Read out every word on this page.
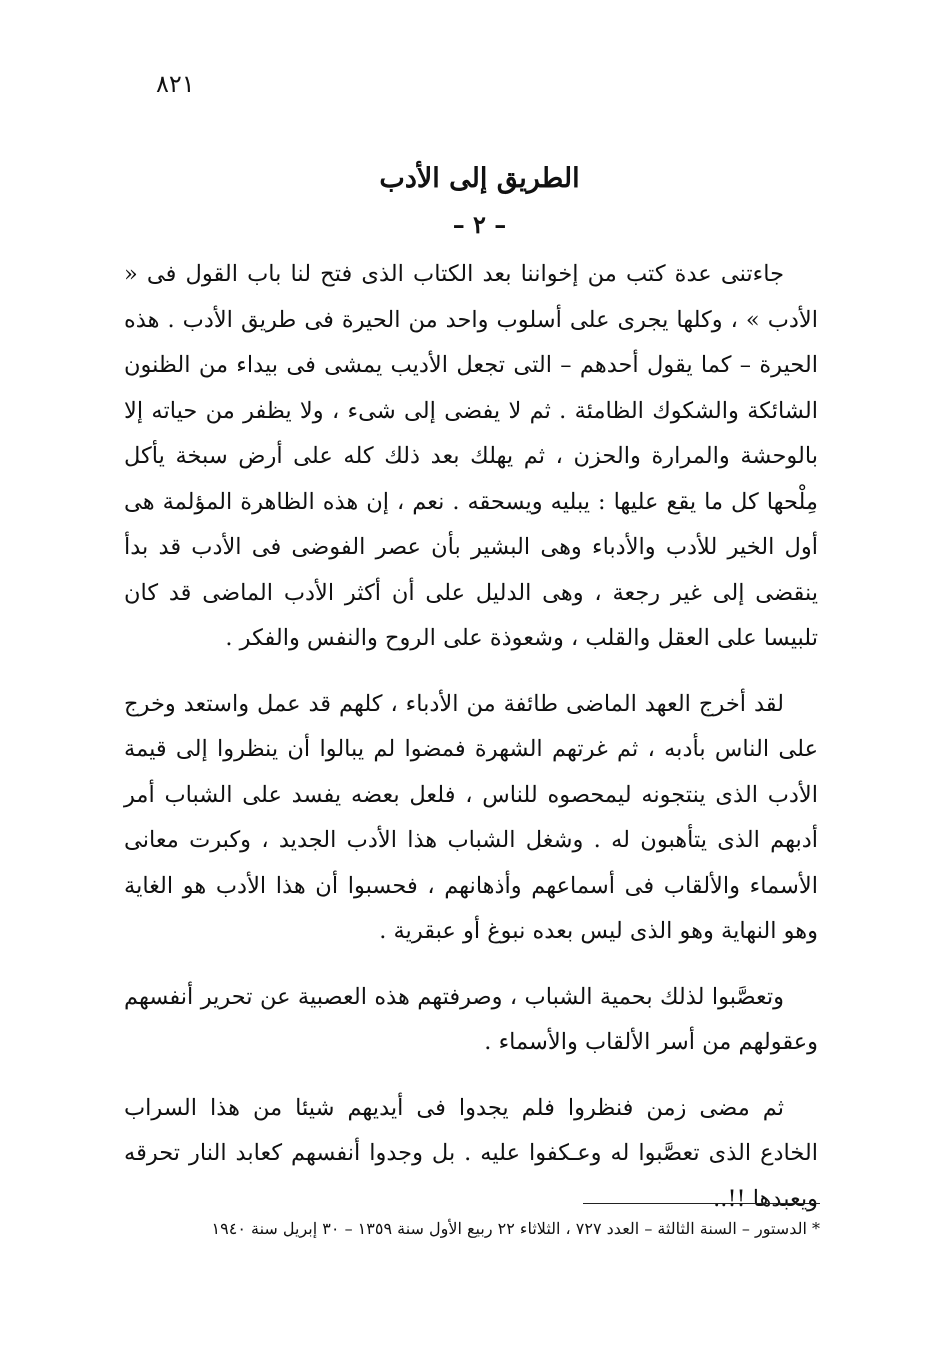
٨٢١
الطريق إلى الأدب
– ٢ –

جاءتنى عدة كتب من إخواننا بعد الكتاب الذى فتح لنا باب القول فى « الأدب » ، وكلها يجرى على أسلوب واحد من الحيرة فى طريق الأدب . هذه الحيرة – كما يقول أحدهم – التى تجعل الأديب يمشى فى بيداء من الظنون الشائكة والشكوك الظامئة . ثم لا يفضى إلى شىء ، ولا يظفر من حياته إلا بالوحشة والمرارة والحزن ، ثم يهلك بعد ذلك كله على أرض سبخة يأكل مِلْحها كل ما يقع عليها : يبليه ويسحقه . نعم ، إن هذه الظاهرة المؤلمة هى أول الخير للأدب والأدباء وهى البشير بأن عصر الفوضى فى الأدب قد بدأ ينقضى إلى غير رجعة ، وهى الدليل على أن أكثر الأدب الماضى قد كان تلبيسا على العقل والقلب ، وشعوذة على الروح والنفس والفكر .

لقد أخرج العهد الماضى طائفة من الأدباء ، كلهم قد عمل واستعد وخرج على الناس بأدبه ، ثم غرتهم الشهرة فمضوا لم يبالوا أن ينظروا إلى قيمة الأدب الذى ينتجونه ليمحصوه للناس ، فلعل بعضه يفسد على الشباب أمر أدبهم الذى يتأهبون له . وشغل الشباب هذا الأدب الجديد ، وكبرت معانى الأسماء والألقاب فى أسماعهم وأذهانهم ، فحسبوا أن هذا الأدب هو الغاية وهو النهاية وهو الذى ليس بعده نبوغ أو عبقرية .

وتعصَّبوا لذلك بحمية الشباب ، وصرفتهم هذه العصبية عن تحرير أنفسهم وعقولهم من أسر الألقاب والأسماء .

ثم مضى زمن فنظروا فلم يجدوا فى أيديهم شيئا من هذا السراب الخادع الذى تعصَّبوا له وعـكفوا عليه . بل وجدوا أنفسهم كعابد النار تحرقه ويعبدها !!..

* الدستور – السنة الثالثة – العدد ٧٢٧ ، الثلاثاء ٢٢ ربيع الأول سنة ١٣٥٩ – ٣٠ إبريل سنة ١٩٤٠
